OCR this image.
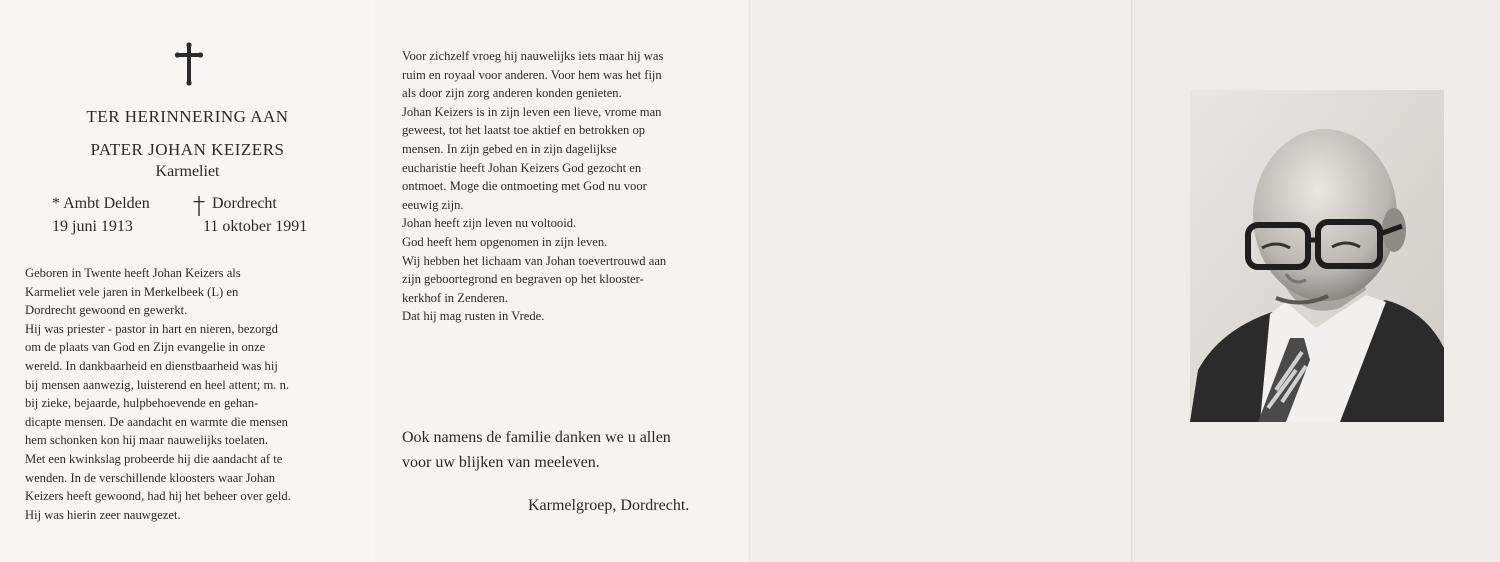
TER HERINNERING AAN
PATER JOHAN KEIZERS
Karmeliet
* Ambt Delden
19 juni 1913
Dordrecht
11 oktober 1991
Geboren in Twente heeft Johan Keizers als
Karmeliet vele jaren in Merkelbeek (L) en
Dordrecht gewoond en gewerkt.
Hij was priester - pastor in hart en nieren, bezorgd
om de plaats van God en Zijn evangelie in onze
wereld. In dankbaarheid en dienstbaarheid was hij
bij mensen aanwezig, luisterend en heel attent; m. n.
bij zieke, bejaarde, hulpbehoevende en gehan-
dicapte mensen. De aandacht en warmte die mensen
hem schonken kon hij maar nauwelijks toelaten.
Met een kwinkslag probeerde hij die aandacht af te
wenden. In de verschillende kloosters waar Johan
Keizers heeft gewoond, had hij het beheer over geld.
Hij was hierin zeer nauwgezet.
Voor zichzelf vroeg hij nauwelijks iets maar hij was
ruim en royaal voor anderen. Voor hem was het fijn
als door zijn zorg anderen konden genieten.
Johan Keizers is in zijn leven een lieve, vrome man
geweest, tot het laatst toe aktief en betrokken op
mensen. In zijn gebed en in zijn dagelijkse
eucharistie heeft Johan Keizers God gezocht en
ontmoet. Moge die ontmoeting met God nu voor
eeuwig zijn.
Johan heeft zijn leven nu voltooid.
God heeft hem opgenomen in zijn leven.
Wij hebben het lichaam van Johan toevertrouwd aan
zijn geboortegrond en begraven op het klooster-
kerkhof in Zenderen.
Dat hij mag rusten in Vrede.
Ook namens de familie danken we u allen
voor uw blijken van meeleven.
Karmelgroep, Dordrecht.
